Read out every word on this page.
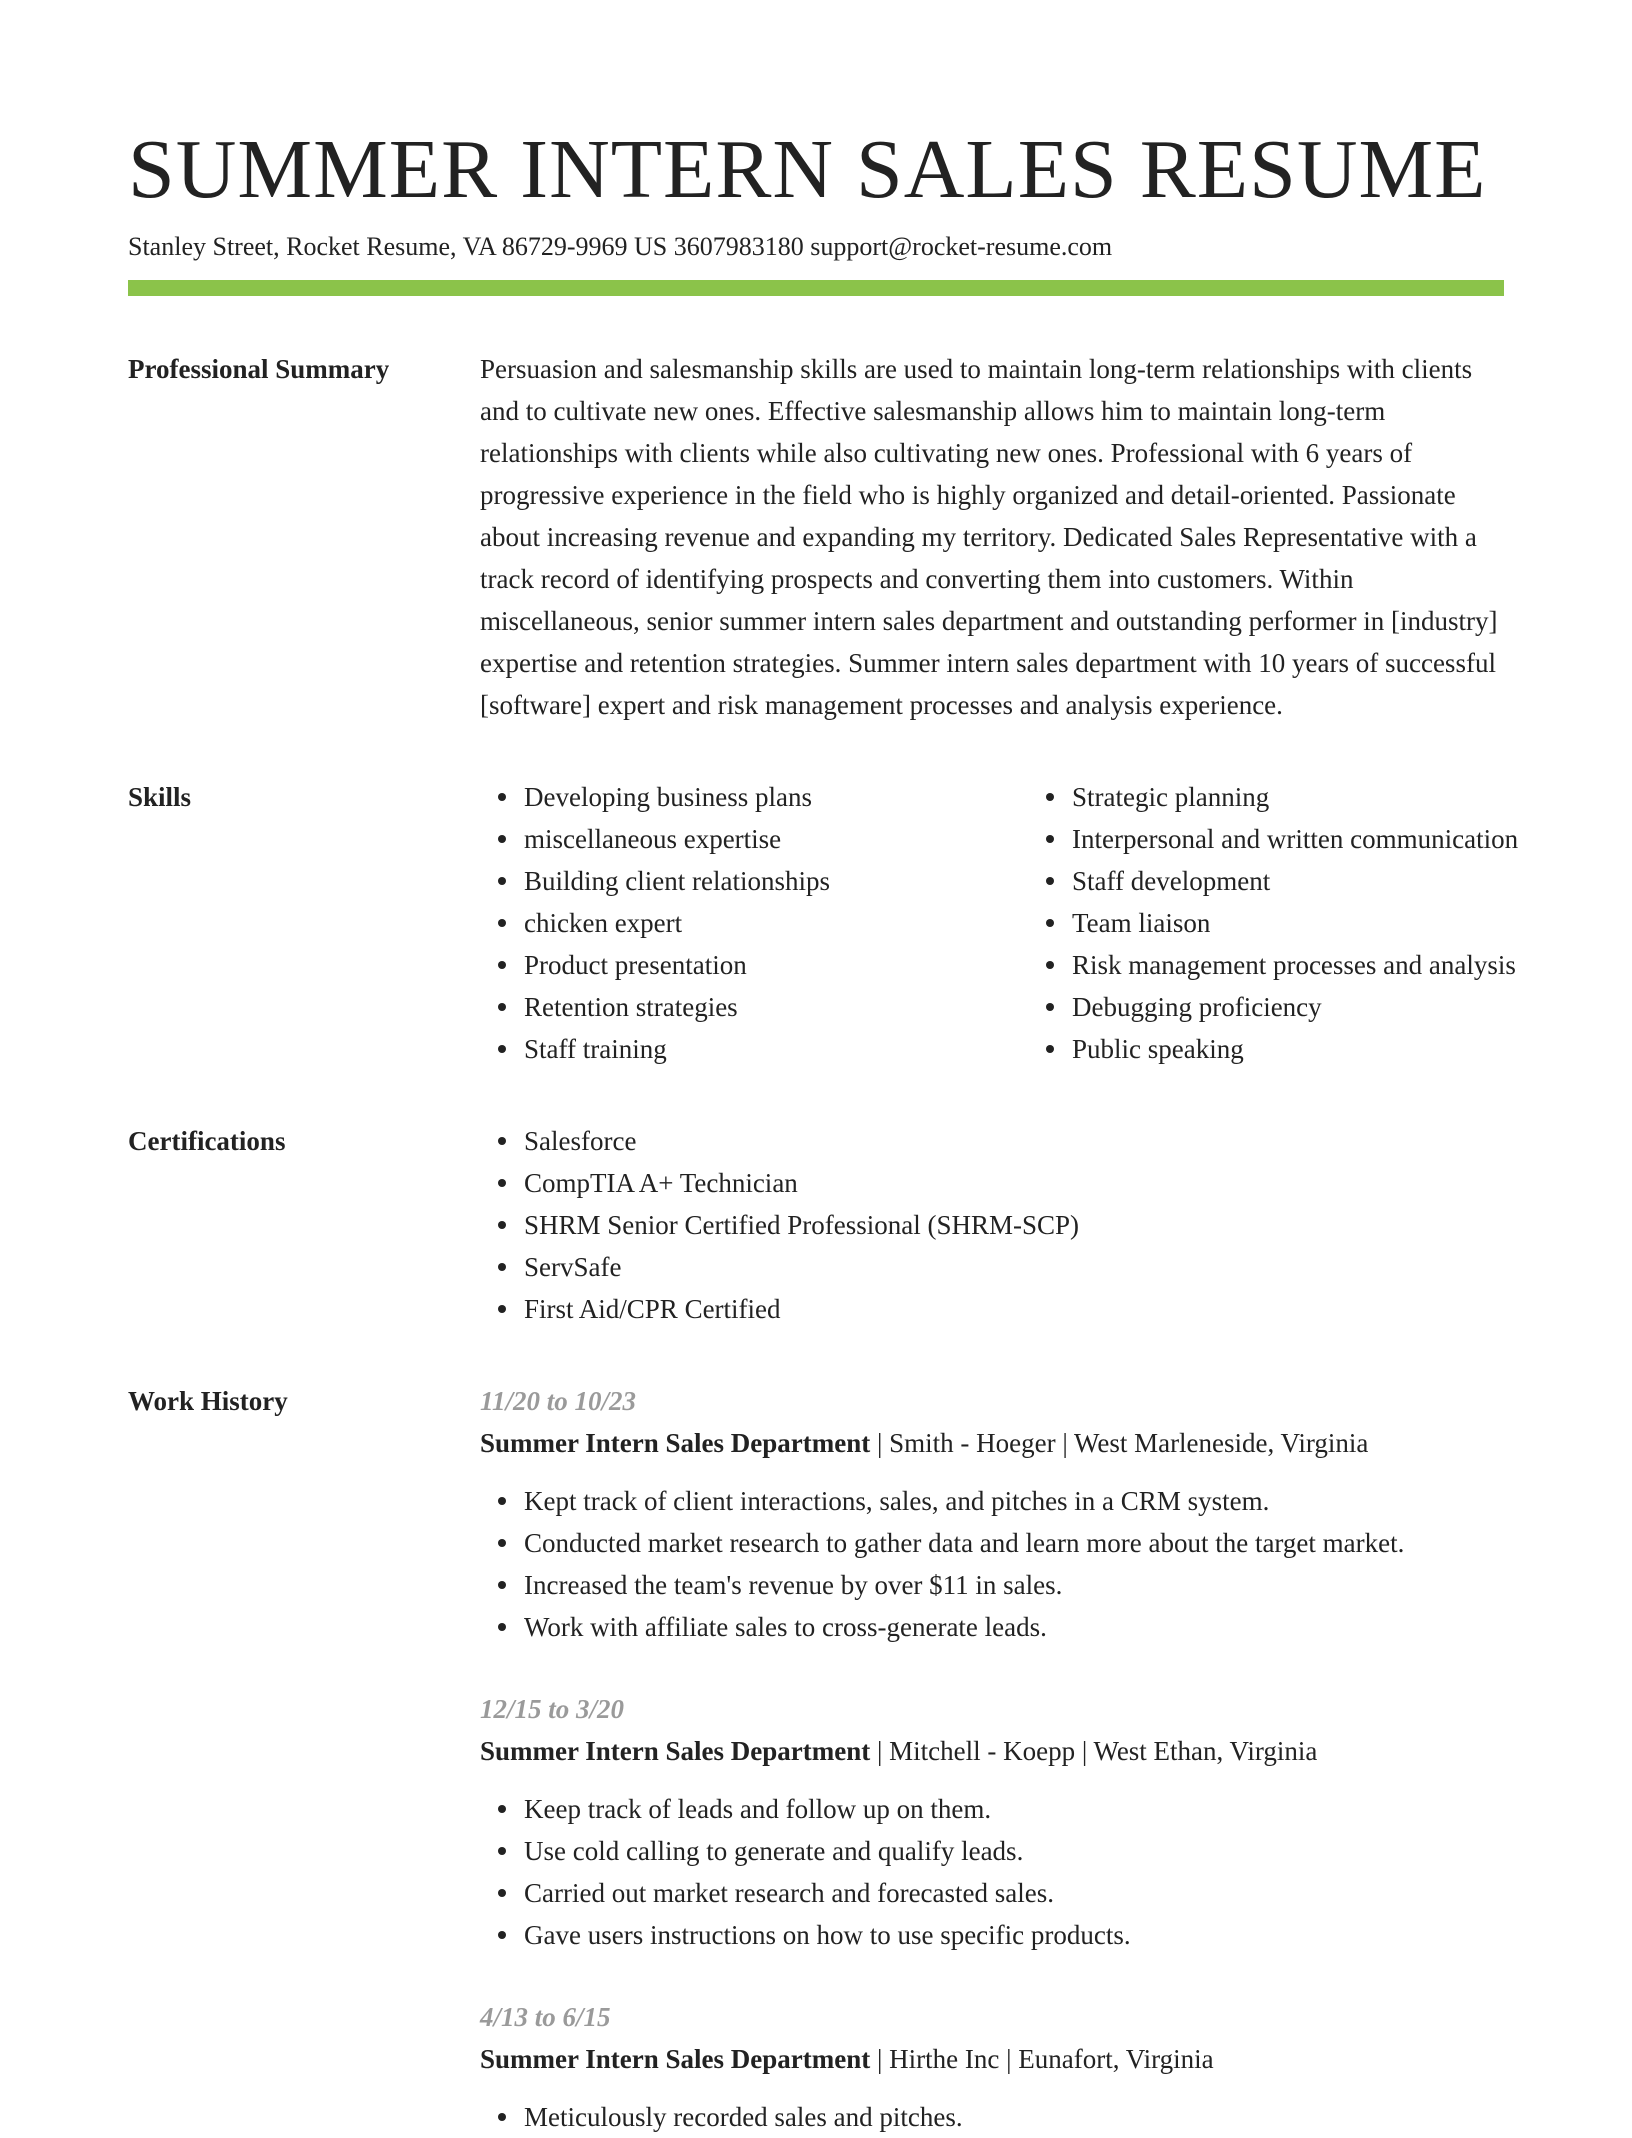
SUMMER INTERN SALES RESUME
Stanley Street, Rocket Resume, VA 86729-9969 US 3607983180 support@rocket-resume.com
Professional Summary	Persuasion and salesmanship skills are used to maintain long-term relationships with clients and to cultivate new ones. Effective salesmanship allows him to maintain long-term relationships with clients while also cultivating new ones. Professional with 6 years of progressive experience in the field who is highly organized and detail-oriented. Passionate about increasing revenue and expanding my territory. Dedicated Sales Representative with a track record of identifying prospects and converting them into customers. Within miscellaneous, senior summer intern sales department and outstanding performer in [industry] expertise and retention strategies. Summer intern sales department with 10 years of successful [software] expert and risk management processes and analysis experience.

Skills	Developing business plans
miscellaneous expertise
Building client relationships
chicken expert
Product presentation
Retention strategies
Staff training
Strategic planning
Interpersonal and written communication
Staff development
Team liaison
Risk management processes and analysis
Debugging proficiency
Public speaking
Certifications	Salesforce
CompTIA A+ Technician
SHRM Senior Certified Professional (SHRM-SCP)
ServSafe
First Aid/CPR Certified
Work History	11/20 to 10/23
Summer Intern Sales Department | Smith - Hoeger | West Marleneside, Virginia
Kept track of client interactions, sales, and pitches in a CRM system.
Conducted market research to gather data and learn more about the target market.
Increased the team's revenue by over $11 in sales.
Work with affiliate sales to cross-generate leads.
12/15 to 3/20
Summer Intern Sales Department | Mitchell - Koepp | West Ethan, Virginia
Keep track of leads and follow up on them.
Use cold calling to generate and qualify leads.
Carried out market research and forecasted sales.
Gave users instructions on how to use specific products.
4/13 to 6/15
Summer Intern Sales Department | Hirthe Inc | Eunafort, Virginia
Meticulously recorded sales and pitches.
